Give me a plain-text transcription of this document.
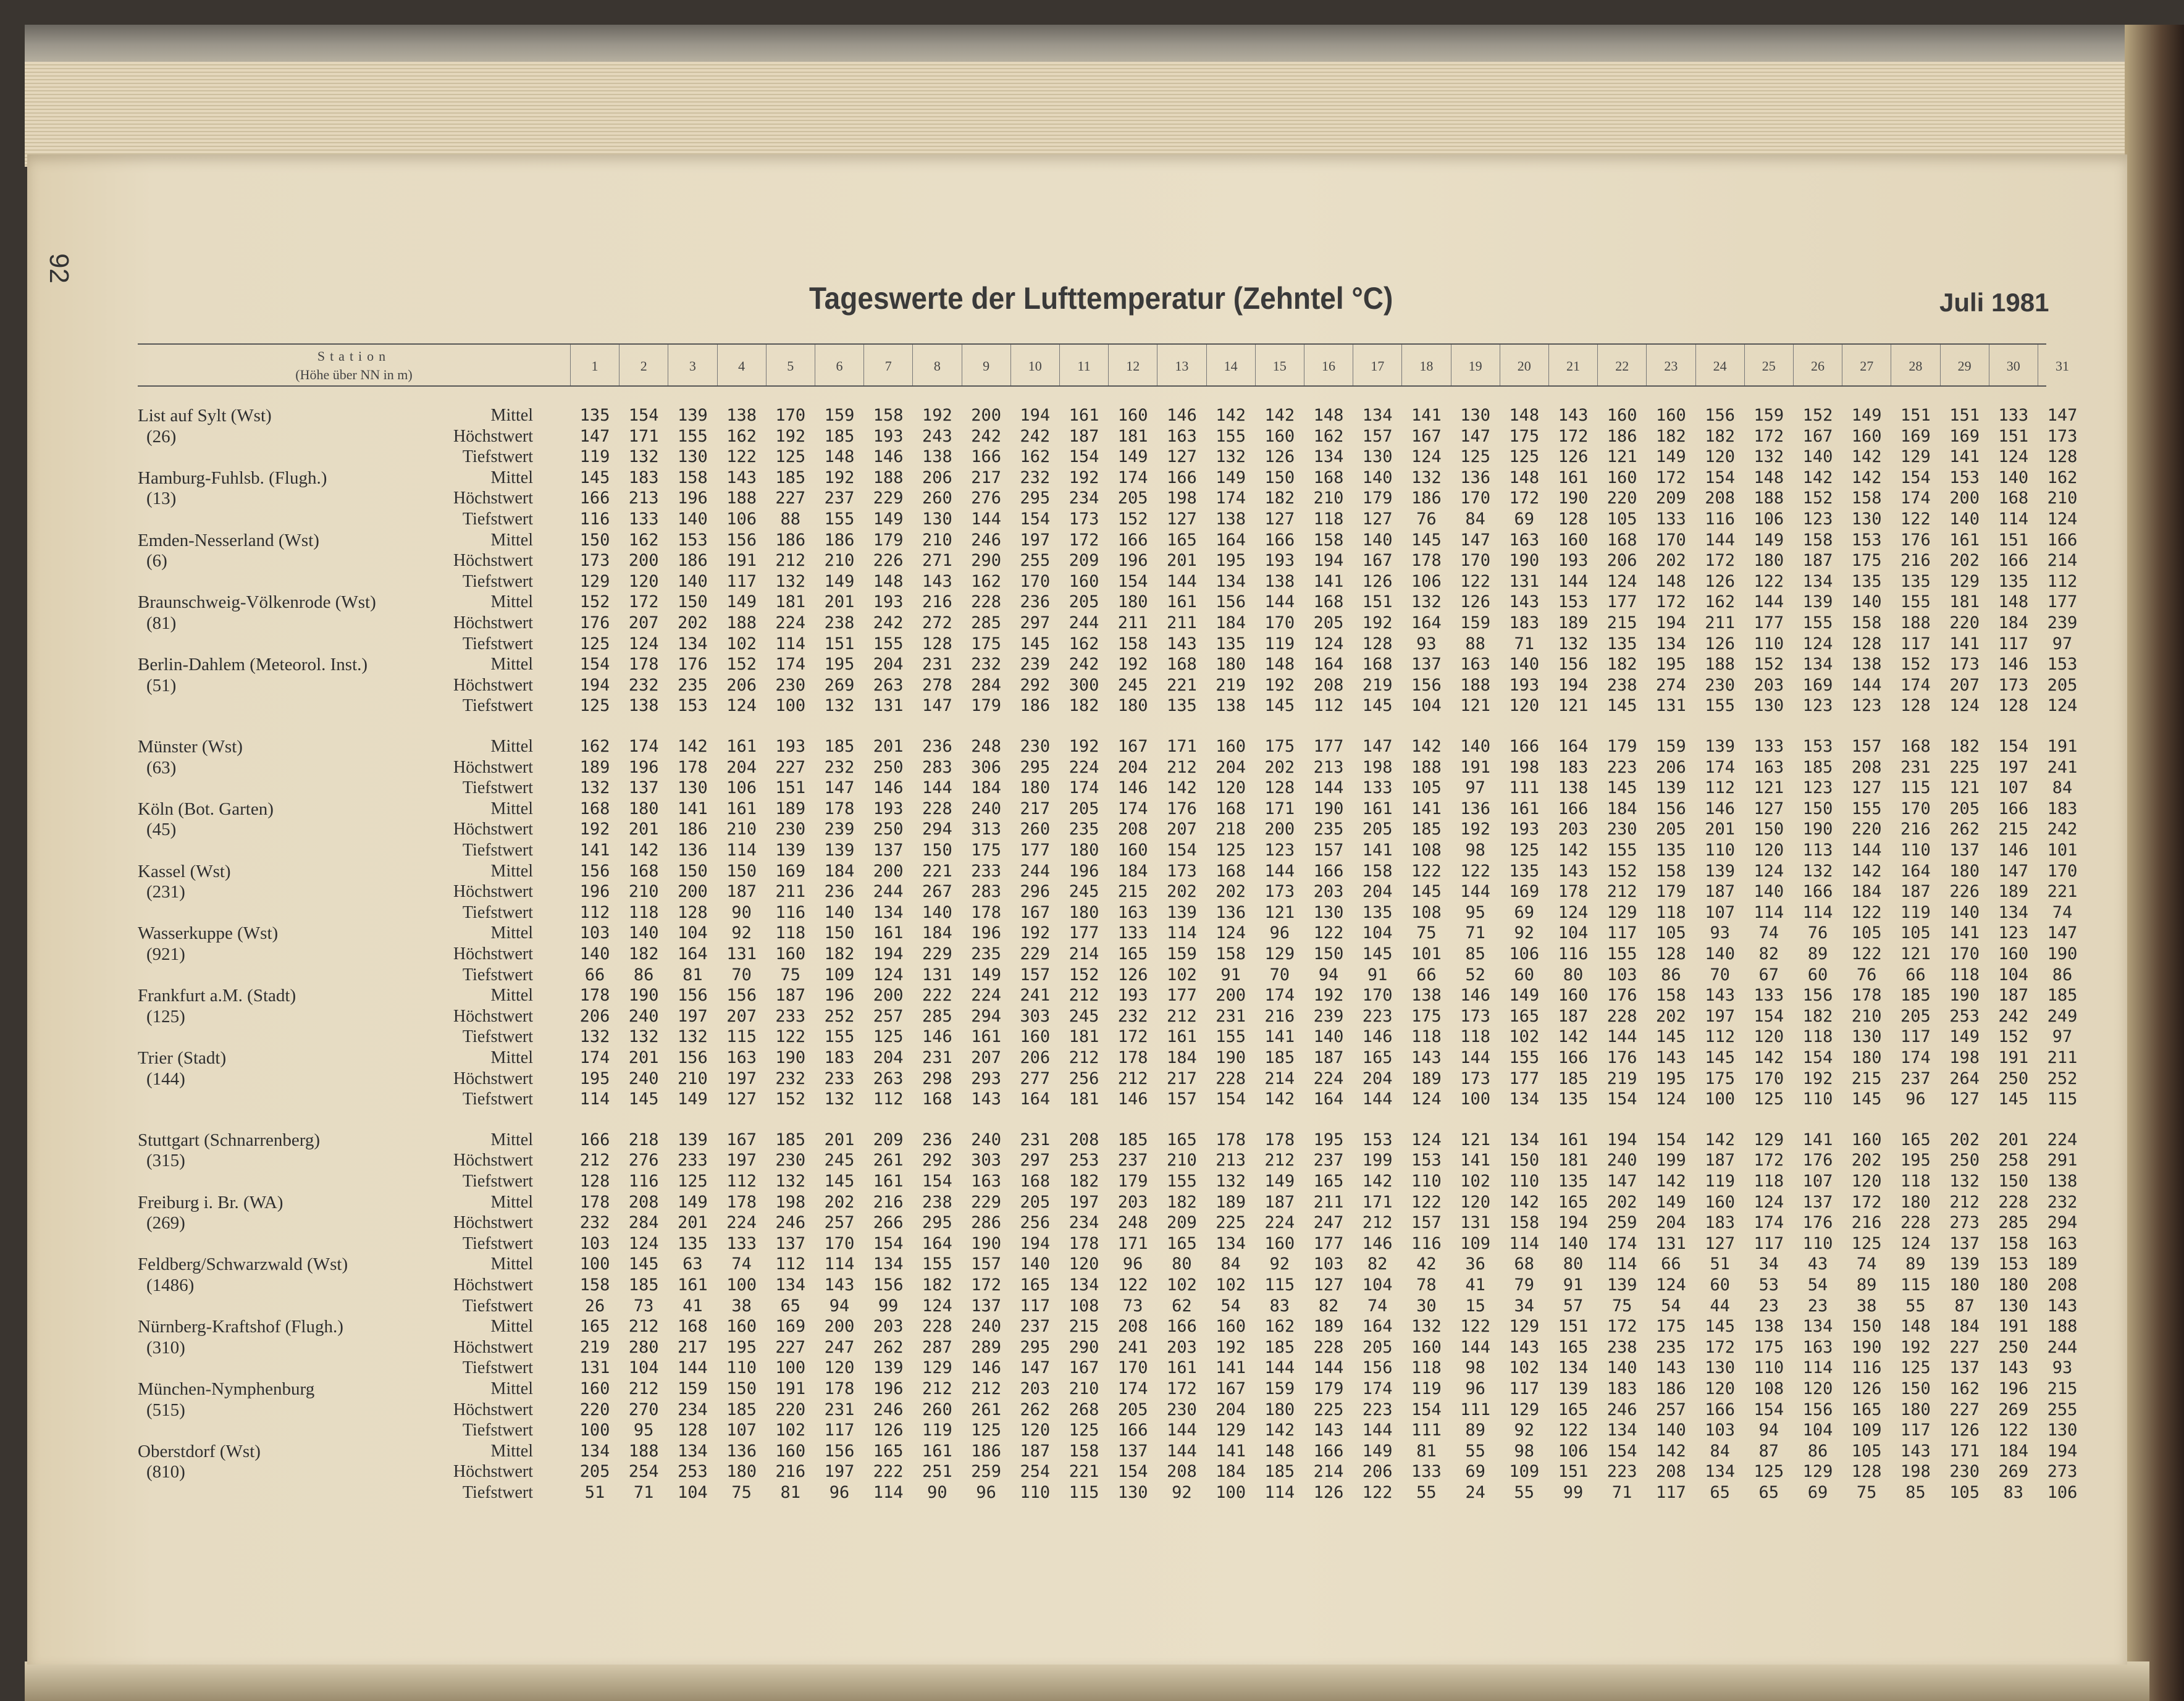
92
Tageswerte der Lufttemperatur (Zehntel °C)	Juli 1981
Station
(Höhe über NN in m)
1	2	3	4	5	6	7	8	9	10	11	12	13	14	15	16	17	18	19	20	21	22	23	24	25	26	27	28	29	30	31
List auf Sylt (Wst)
(26)
Mittel	135	154	139	138	170	159	158	192	200	194	161	160	146	142	142	148	134	141	130	148	143	160	160	156	159	152	149	151	151	133	147
Höchstwert	147	171	155	162	192	185	193	243	242	242	187	181	163	155	160	162	157	167	147	175	172	186	182	182	172	167	160	169	169	151	173
Tiefstwert	119	132	130	122	125	148	146	138	166	162	154	149	127	132	126	134	130	124	125	125	126	121	149	120	132	140	142	129	141	124	128
Hamburg-Fuhlsb. (Flugh.)
(13)
Mittel	145	183	158	143	185	192	188	206	217	232	192	174	166	149	150	168	140	132	136	148	161	160	172	154	148	142	142	154	153	140	162
Höchstwert	166	213	196	188	227	237	229	260	276	295	234	205	198	174	182	210	179	186	170	172	190	220	209	208	188	152	158	174	200	168	210
Tiefstwert	116	133	140	106	88	155	149	130	144	154	173	152	127	138	127	118	127	76	84	69	128	105	133	116	106	123	130	122	140	114	124
Emden-Nesserland (Wst)
(6)
Mittel	150	162	153	156	186	186	179	210	246	197	172	166	165	164	166	158	140	145	147	163	160	168	170	144	149	158	153	176	161	151	166
Höchstwert	173	200	186	191	212	210	226	271	290	255	209	196	201	195	193	194	167	178	170	190	193	206	202	172	180	187	175	216	202	166	214
Tiefstwert	129	120	140	117	132	149	148	143	162	170	160	154	144	134	138	141	126	106	122	131	144	124	148	126	122	134	135	135	129	135	112
Braunschweig-Völkenrode (Wst)
(81)
Mittel	152	172	150	149	181	201	193	216	228	236	205	180	161	156	144	168	151	132	126	143	153	177	172	162	144	139	140	155	181	148	177
Höchstwert	176	207	202	188	224	238	242	272	285	297	244	211	211	184	170	205	192	164	159	183	189	215	194	211	177	155	158	188	220	184	239
Tiefstwert	125	124	134	102	114	151	155	128	175	145	162	158	143	135	119	124	128	93	88	71	132	135	134	126	110	124	128	117	141	117	97
Berlin-Dahlem (Meteorol. Inst.)
(51)
Mittel	154	178	176	152	174	195	204	231	232	239	242	192	168	180	148	164	168	137	163	140	156	182	195	188	152	134	138	152	173	146	153
Höchstwert	194	232	235	206	230	269	263	278	284	292	300	245	221	219	192	208	219	156	188	193	194	238	274	230	203	169	144	174	207	173	205
Tiefstwert	125	138	153	124	100	132	131	147	179	186	182	180	135	138	145	112	145	104	121	120	121	145	131	155	130	123	123	128	124	128	124
Münster (Wst)
(63)
Mittel	162	174	142	161	193	185	201	236	248	230	192	167	171	160	175	177	147	142	140	166	164	179	159	139	133	153	157	168	182	154	191
Höchstwert	189	196	178	204	227	232	250	283	306	295	224	204	212	204	202	213	198	188	191	198	183	223	206	174	163	185	208	231	225	197	241
Tiefstwert	132	137	130	106	151	147	146	144	184	180	174	146	142	120	128	144	133	105	97	111	138	145	139	112	121	123	127	115	121	107	84
Köln (Bot. Garten)
(45)
Mittel	168	180	141	161	189	178	193	228	240	217	205	174	176	168	171	190	161	141	136	161	166	184	156	146	127	150	155	170	205	166	183
Höchstwert	192	201	186	210	230	239	250	294	313	260	235	208	207	218	200	235	205	185	192	193	203	230	205	201	150	190	220	216	262	215	242
Tiefstwert	141	142	136	114	139	139	137	150	175	177	180	160	154	125	123	157	141	108	98	125	142	155	135	110	120	113	144	110	137	146	101
Kassel (Wst)
(231)
Mittel	156	168	150	150	169	184	200	221	233	244	196	184	173	168	144	166	158	122	122	135	143	152	158	139	124	132	142	164	180	147	170
Höchstwert	196	210	200	187	211	236	244	267	283	296	245	215	202	202	173	203	204	145	144	169	178	212	179	187	140	166	184	187	226	189	221
Tiefstwert	112	118	128	90	116	140	134	140	178	167	180	163	139	136	121	130	135	108	95	69	124	129	118	107	114	114	122	119	140	134	74
Wasserkuppe (Wst)
(921)
Mittel	103	140	104	92	118	150	161	184	196	192	177	133	114	124	96	122	104	75	71	92	104	117	105	93	74	76	105	105	141	123	147
Höchstwert	140	182	164	131	160	182	194	229	235	229	214	165	159	158	129	150	145	101	85	106	116	155	128	140	82	89	122	121	170	160	190
Tiefstwert	66	86	81	70	75	109	124	131	149	157	152	126	102	91	70	94	91	66	52	60	80	103	86	70	67	60	76	66	118	104	86
Frankfurt a.M. (Stadt)
(125)
Mittel	178	190	156	156	187	196	200	222	224	241	212	193	177	200	174	192	170	138	146	149	160	176	158	143	133	156	178	185	190	187	185
Höchstwert	206	240	197	207	233	252	257	285	294	303	245	232	212	231	216	239	223	175	173	165	187	228	202	197	154	182	210	205	253	242	249
Tiefstwert	132	132	132	115	122	155	125	146	161	160	181	172	161	155	141	140	146	118	118	102	142	144	145	112	120	118	130	117	149	152	97
Trier (Stadt)
(144)
Mittel	174	201	156	163	190	183	204	231	207	206	212	178	184	190	185	187	165	143	144	155	166	176	143	145	142	154	180	174	198	191	211
Höchstwert	195	240	210	197	232	233	263	298	293	277	256	212	217	228	214	224	204	189	173	177	185	219	195	175	170	192	215	237	264	250	252
Tiefstwert	114	145	149	127	152	132	112	168	143	164	181	146	157	154	142	164	144	124	100	134	135	154	124	100	125	110	145	96	127	145	115
Stuttgart (Schnarrenberg)
(315)
Mittel	166	218	139	167	185	201	209	236	240	231	208	185	165	178	178	195	153	124	121	134	161	194	154	142	129	141	160	165	202	201	224
Höchstwert	212	276	233	197	230	245	261	292	303	297	253	237	210	213	212	237	199	153	141	150	181	240	199	187	172	176	202	195	250	258	291
Tiefstwert	128	116	125	112	132	145	161	154	163	168	182	179	155	132	149	165	142	110	102	110	135	147	142	119	118	107	120	118	132	150	138
Freiburg i. Br. (WA)
(269)
Mittel	178	208	149	178	198	202	216	238	229	205	197	203	182	189	187	211	171	122	120	142	165	202	149	160	124	137	172	180	212	228	232
Höchstwert	232	284	201	224	246	257	266	295	286	256	234	248	209	225	224	247	212	157	131	158	194	259	204	183	174	176	216	228	273	285	294
Tiefstwert	103	124	135	133	137	170	154	164	190	194	178	171	165	134	160	177	146	116	109	114	140	174	131	127	117	110	125	124	137	158	163
Feldberg/Schwarzwald (Wst)
(1486)
Mittel	100	145	63	74	112	114	134	155	157	140	120	96	80	84	92	103	82	42	36	68	80	114	66	51	34	43	74	89	139	153	189
Höchstwert	158	185	161	100	134	143	156	182	172	165	134	122	102	102	115	127	104	78	41	79	91	139	124	60	53	54	89	115	180	180	208
Tiefstwert	26	73	41	38	65	94	99	124	137	117	108	73	62	54	83	82	74	30	15	34	57	75	54	44	23	23	38	55	87	130	143
Nürnberg-Kraftshof (Flugh.)
(310)
Mittel	165	212	168	160	169	200	203	228	240	237	215	208	166	160	162	189	164	132	122	129	151	172	175	145	138	134	150	148	184	191	188
Höchstwert	219	280	217	195	227	247	262	287	289	295	290	241	203	192	185	228	205	160	144	143	165	238	235	172	175	163	190	192	227	250	244
Tiefstwert	131	104	144	110	100	120	139	129	146	147	167	170	161	141	144	144	156	118	98	102	134	140	143	130	110	114	116	125	137	143	93
München-Nymphenburg
(515)
Mittel	160	212	159	150	191	178	196	212	212	203	210	174	172	167	159	179	174	119	96	117	139	183	186	120	108	120	126	150	162	196	215
Höchstwert	220	270	234	185	220	231	246	260	261	262	268	205	230	204	180	225	223	154	111	129	165	246	257	166	154	156	165	180	227	269	255
Tiefstwert	100	95	128	107	102	117	126	119	125	120	125	166	144	129	142	143	144	111	89	92	122	134	140	103	94	104	109	117	126	122	130
Oberstdorf (Wst)
(810)
Mittel	134	188	134	136	160	156	165	161	186	187	158	137	144	141	148	166	149	81	55	98	106	154	142	84	87	86	105	143	171	184	194
Höchstwert	205	254	253	180	216	197	222	251	259	254	221	154	208	184	185	214	206	133	69	109	151	223	208	134	125	129	128	198	230	269	273
Tiefstwert	51	71	104	75	81	96	114	90	96	110	115	130	92	100	114	126	122	55	24	55	99	71	117	65	65	69	75	85	105	83	106
